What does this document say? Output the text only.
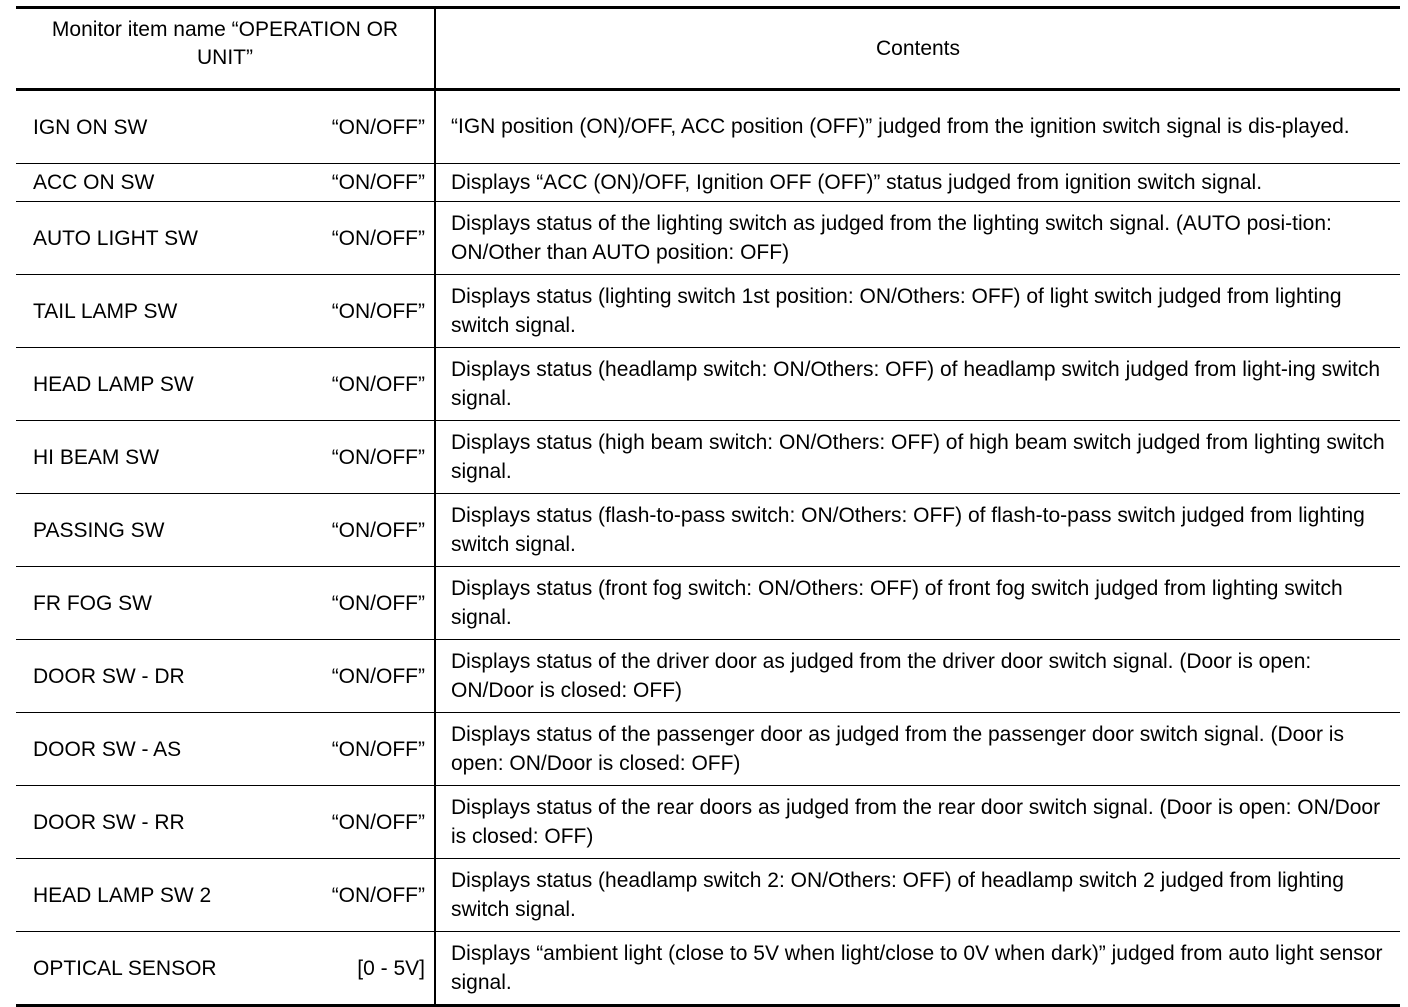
Monitor item name “OPERATION OR UNIT”	Contents

IGN ON SW “ON/OFF”	“IGN position (ON)/OFF, ACC position (OFF)” judged from the ignition switch signal is dis-played.

ACC ON SW “ON/OFF”	Displays “ACC (ON)/OFF, Ignition OFF (OFF)” status judged from ignition switch signal.

AUTO LIGHT SW “ON/OFF”	Displays status of the lighting switch as judged from the lighting switch signal. (AUTO posi-tion: ON/Other than AUTO position: OFF)

TAIL LAMP SW “ON/OFF”	Displays status (lighting switch 1st position: ON/Others: OFF) of light switch judged from lighting switch signal.

HEAD LAMP SW “ON/OFF”	Displays status (headlamp switch: ON/Others: OFF) of headlamp switch judged from light-ing switch signal.

HI BEAM SW “ON/OFF”	Displays status (high beam switch: ON/Others: OFF) of high beam switch judged from lighting switch signal.

PASSING SW “ON/OFF”	Displays status (flash-to-pass switch: ON/Others: OFF) of flash-to-pass switch judged from lighting switch signal.

FR FOG SW “ON/OFF”	Displays status (front fog switch: ON/Others: OFF) of front fog switch judged from lighting switch signal.

DOOR SW - DR “ON/OFF”	Displays status of the driver door as judged from the driver door switch signal. (Door is open: ON/Door is closed: OFF)

DOOR SW - AS “ON/OFF”	Displays status of the passenger door as judged from the passenger door switch signal. (Door is open: ON/Door is closed: OFF)

DOOR SW - RR “ON/OFF”	Displays status of the rear doors as judged from the rear door switch signal. (Door is open: ON/Door is closed: OFF)

HEAD LAMP SW 2 “ON/OFF”	Displays status (headlamp switch 2: ON/Others: OFF) of headlamp switch 2 judged from lighting switch signal.

OPTICAL SENSOR [0 - 5V]	Displays “ambient light (close to 5V when light/close to 0V when dark)” judged from auto light sensor signal.
